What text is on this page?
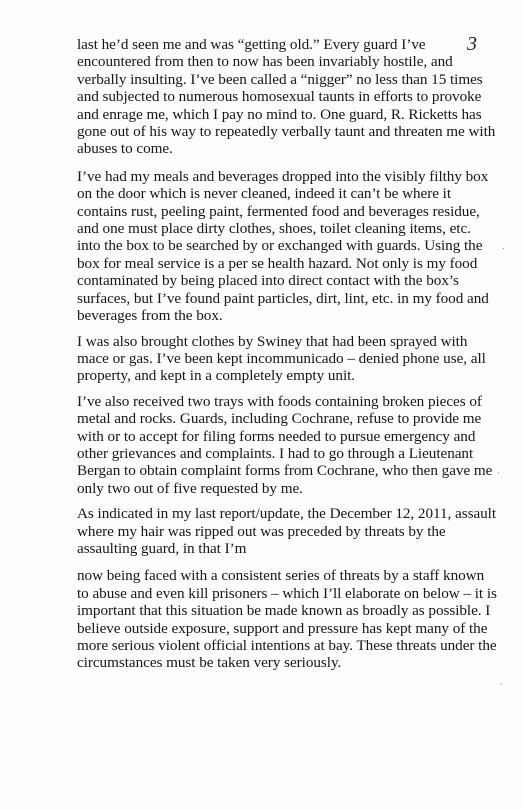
3

last he’d seen me and was “getting old.” Every guard I’ve encountered from then to now has been invariably hostile, and verbally insulting. I’ve been called a “nigger” no less than 15 times and subjected to numerous homosexual taunts in efforts to provoke and enrage me, which I pay no mind to. One guard, R. Ricketts has gone out of his way to repeatedly verbally taunt and threaten me with abuses to come.

I’ve had my meals and beverages dropped into the visibly filthy box on the door which is never cleaned, indeed it can’t be where it contains rust, peeling paint, fermented food and beverages residue, and one must place dirty clothes, shoes, toilet cleaning items, etc. into the box to be searched by or exchanged with guards. Using the box for meal service is a per se health hazard. Not only is my food contaminated by being placed into direct contact with the box’s surfaces, but I’ve found paint particles, dirt, lint, etc. in my food and beverages from the box.

I was also brought clothes by Swiney that had been sprayed with mace or gas. I’ve been kept incommunicado – denied phone use, all property, and kept in a completely empty unit.

I’ve also received two trays with foods containing broken pieces of metal and rocks. Guards, including Cochrane, refuse to provide me with or to accept for filing forms needed to pursue emergency and other grievances and complaints. I had to go through a Lieutenant Bergan to obtain complaint forms from Cochrane, who then gave me only two out of five requested by me.

As indicated in my last report/update, the December 12, 2011, assault where my hair was ripped out was preceded by threats by the assaulting guard, in that I’m

now being faced with a consistent series of threats by a staff known to abuse and even kill prisoners – which I’ll elaborate on below – it is important that this situation be made known as broadly as possible. I believe outside exposure, support and pressure has kept many of the more serious violent official intentions at bay. These threats under the circumstances must be taken very seriously.
